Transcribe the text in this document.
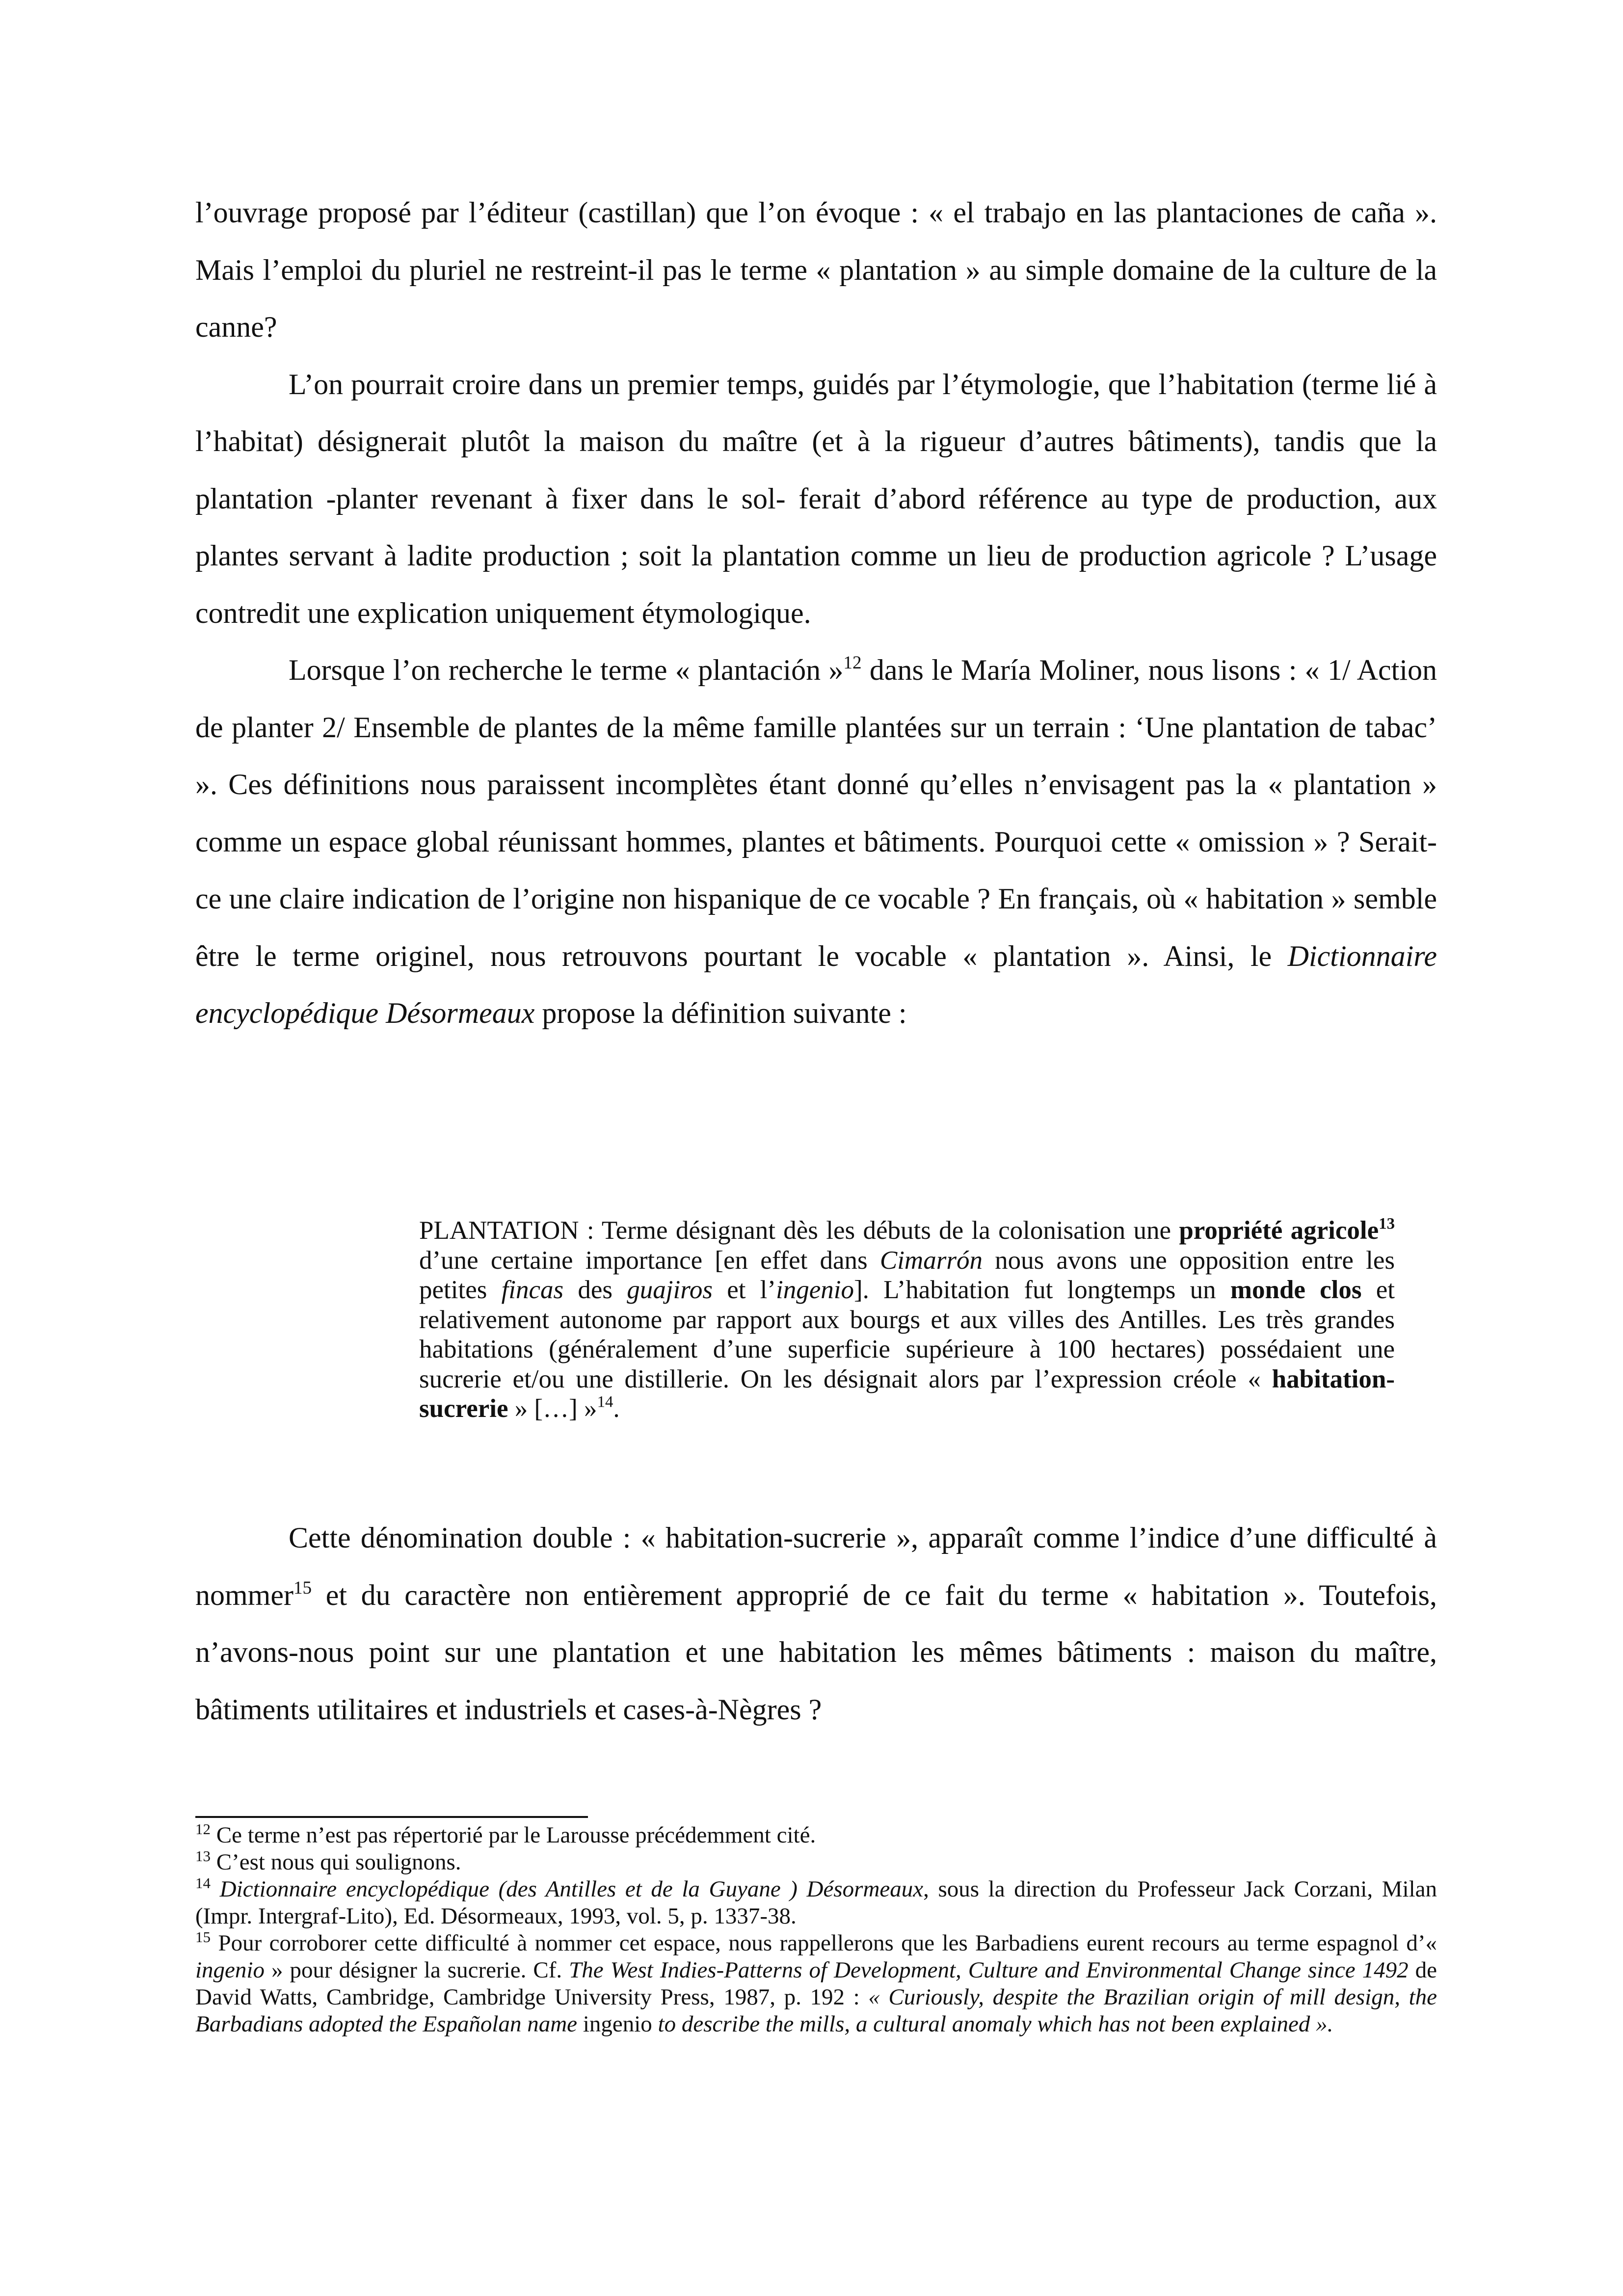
l’ouvrage proposé par l’éditeur (castillan) que l’on évoque : « el trabajo en las plantaciones de caña ». Mais l’emploi du pluriel ne restreint-il pas le terme « plantation » au simple domaine de la culture de la canne?

L’on pourrait croire dans un premier temps, guidés par l’étymologie, que l’habitation (terme lié à l’habitat) désignerait plutôt la maison du maître (et à la rigueur d’autres bâtiments), tandis que la plantation -planter revenant à fixer dans le sol- ferait d’abord référence au type de production, aux plantes servant à ladite production ; soit la plantation comme un lieu de production agricole ? L’usage contredit une explication uniquement étymologique.

Lorsque l’on recherche le terme « plantación »$^{12}$ dans le María Moliner, nous lisons : « 1/ Action de planter 2/ Ensemble de plantes de la même famille plantées sur un terrain : ‘Une plantation de tabac’ ». Ces définitions nous paraissent incomplètes étant donné qu’elles n’envisagent pas la « plantation » comme un espace global réunissant hommes, plantes et bâtiments. Pourquoi cette « omission » ? Serait-ce une claire indication de l’origine non hispanique de ce vocable ? En français, où « habitation » semble être le terme originel, nous retrouvons pourtant le vocable « plantation ». Ainsi, le Dictionnaire encyclopédique Désormeaux propose la définition suivante :

PLANTATION : Terme désignant dès les débuts de la colonisation une propriété agricole$^{13}$ d’une certaine importance [en effet dans Cimarrón nous avons une opposition entre les petites fincas des guajiros et l’ingenio]. L’habitation fut longtemps un monde clos et relativement autonome par rapport aux bourgs et aux villes des Antilles. Les très grandes habitations (généralement d’une superficie supérieure à 100 hectares) possédaient une sucrerie et/ou une distillerie. On les désignait alors par l’expression créole « habitation-sucrerie » […] »$^{14}$.

Cette dénomination double : « habitation-sucrerie », apparaît comme l’indice d’une difficulté à nommer$^{15}$ et du caractère non entièrement approprié de ce fait du terme « habitation ». Toutefois, n’avons-nous point sur une plantation et une habitation les mêmes bâtiments : maison du maître, bâtiments utilitaires et industriels et cases-à-Nègres ?

$^{12}$ Ce terme n’est pas répertorié par le Larousse précédemment cité.

$^{13}$ C’est nous qui soulignons.

$^{14}$ Dictionnaire encyclopédique (des Antilles et de la Guyane ) Désormeaux, sous la direction du Professeur Jack Corzani, Milan (Impr. Intergraf-Lito), Ed. Désormeaux, 1993, vol. 5, p. 1337-38.

$^{15}$ Pour corroborer cette difficulté à nommer cet espace, nous rappellerons que les Barbadiens eurent recours au terme espagnol d’« ingenio » pour désigner la sucrerie. Cf. The West Indies-Patterns of Development, Culture and Environmental Change since 1492 de David Watts, Cambridge, Cambridge University Press, 1987, p. 192 : « Curiously, despite the Brazilian origin of mill design, the Barbadians adopted the Españolan name ingenio to describe the mills, a cultural anomaly which has not been explained ».
